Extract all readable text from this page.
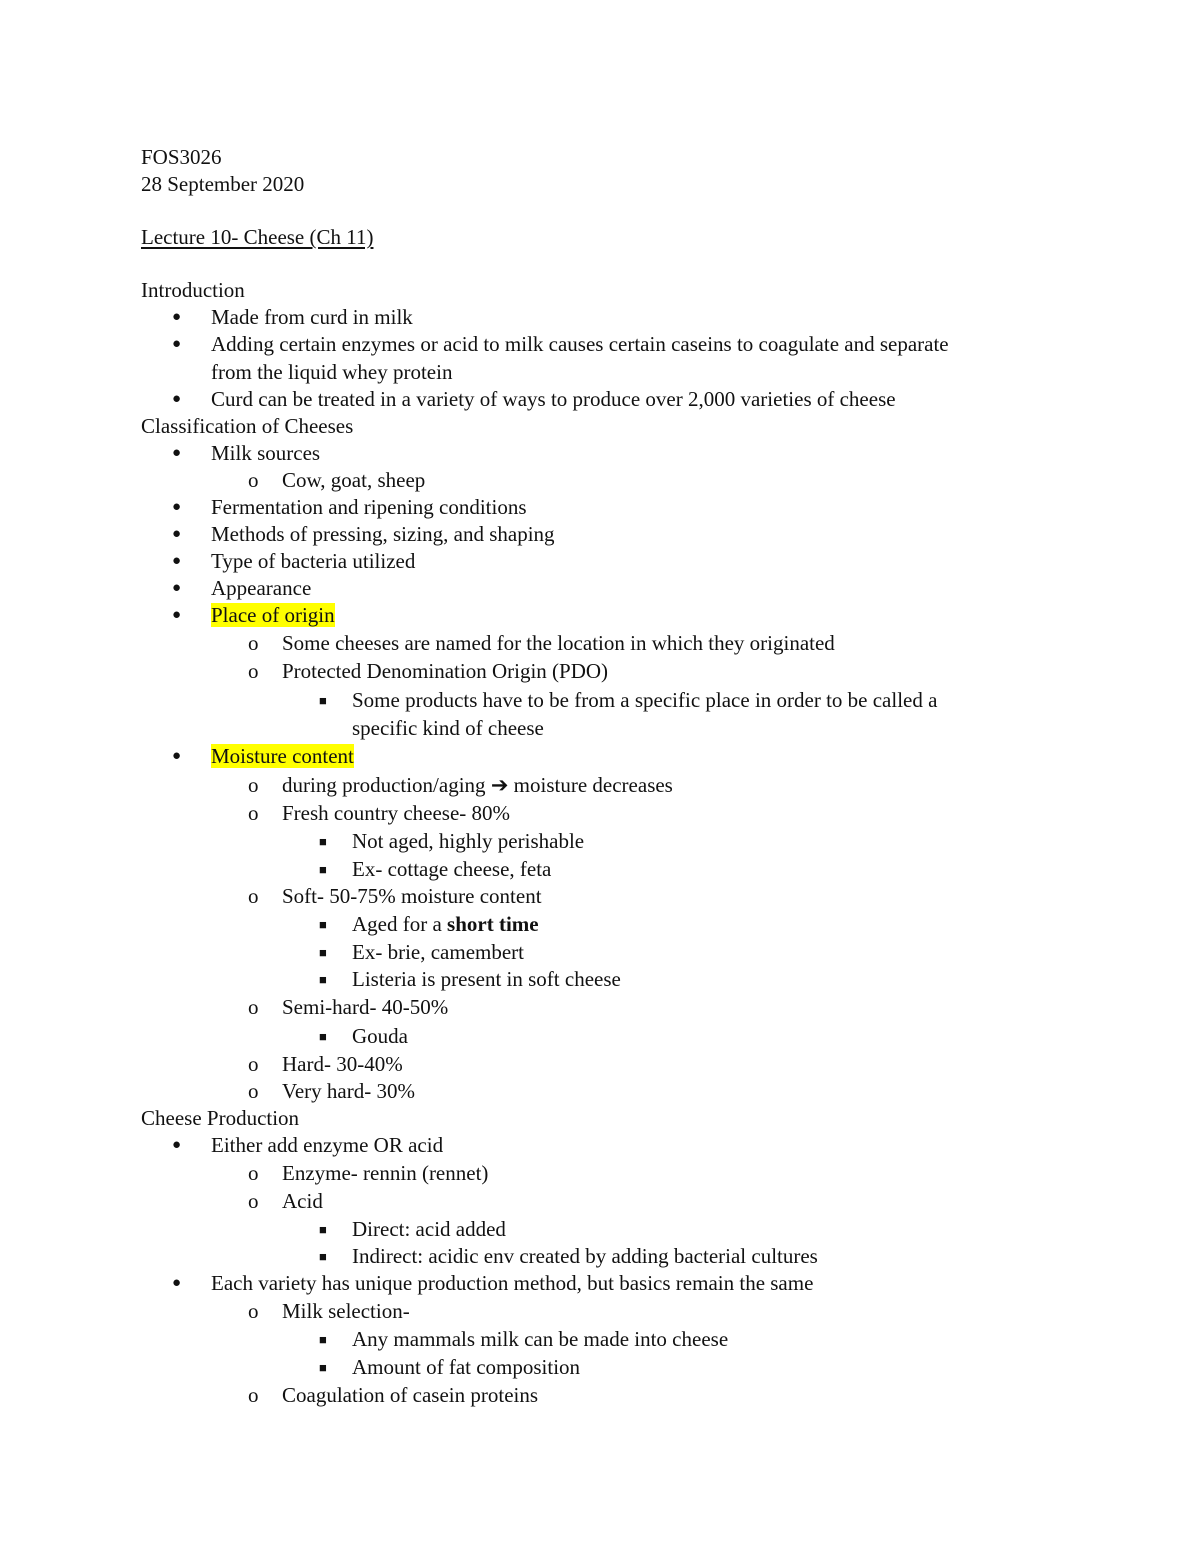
FOS3026
28 September 2020
Lecture 10- Cheese (Ch 11)
Introduction
● Made from curd in milk
● Adding certain enzymes or acid to milk causes certain caseins to coagulate and separate
from the liquid whey protein
● Curd can be treated in a variety of ways to produce over 2,000 varieties of cheese
Classification of Cheeses
● Milk sources
o Cow, goat, sheep
● Fermentation and ripening conditions
● Methods of pressing, sizing, and shaping
● Type of bacteria utilized
● Appearance
● Place of origin
o Some cheeses are named for the location in which they originated
o Protected Denomination Origin (PDO)
■ Some products have to be from a specific place in order to be called a
specific kind of cheese
● Moisture content
o during production/aging ➔ moisture decreases
o Fresh country cheese- 80%
■ Not aged, highly perishable
■ Ex- cottage cheese, feta
o Soft- 50-75% moisture content
■ Aged for a short time
■ Ex- brie, camembert
■ Listeria is present in soft cheese
o Semi-hard- 40-50%
■ Gouda
o Hard- 30-40%
o Very hard- 30%
Cheese Production
● Either add enzyme OR acid
o Enzyme- rennin (rennet)
o Acid
■ Direct: acid added
■ Indirect: acidic env created by adding bacterial cultures
● Each variety has unique production method, but basics remain the same
o Milk selection-
■ Any mammals milk can be made into cheese
■ Amount of fat composition
o Coagulation of casein proteins
